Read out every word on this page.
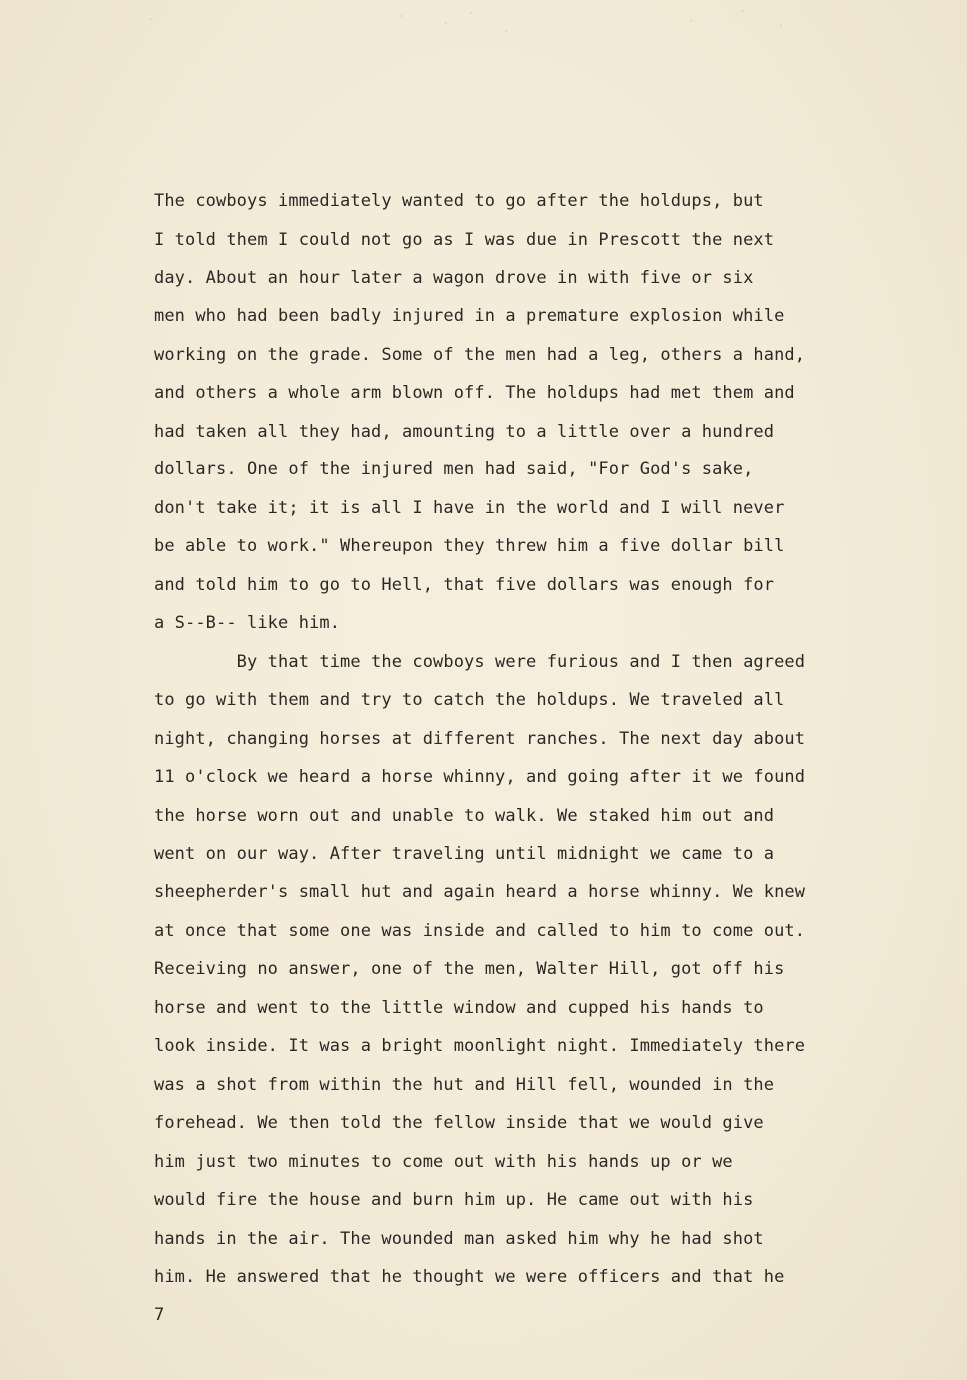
The cowboys immediately wanted to go after the holdups, but
I told them I could not go as I was due in Prescott the next
day. About an hour later a wagon drove in with five or six
men who had been badly injured in a premature explosion while
working on the grade. Some of the men had a leg, others a hand,
and others a whole arm blown off. The holdups had met them and
had taken all they had, amounting to a little over a hundred
dollars. One of the injured men had said, "For God's sake,
don't take it; it is all I have in the world and I will never
be able to work." Whereupon they threw him a five dollar bill
and told him to go to Hell, that five dollars was enough for
a S--B-- like him.
By that time the cowboys were furious and I then agreed
to go with them and try to catch the holdups. We traveled all
night, changing horses at different ranches. The next day about
11 o'clock we heard a horse whinny, and going after it we found
the horse worn out and unable to walk. We staked him out and
went on our way. After traveling until midnight we came to a
sheepherder's small hut and again heard a horse whinny. We knew
at once that some one was inside and called to him to come out.
Receiving no answer, one of the men, Walter Hill, got off his
horse and went to the little window and cupped his hands to
look inside. It was a bright moonlight night. Immediately there
was a shot from within the hut and Hill fell, wounded in the
forehead. We then told the fellow inside that we would give
him just two minutes to come out with his hands up or we
would fire the house and burn him up. He came out with his
hands in the air. The wounded man asked him why he had shot
him. He answered that he thought we were officers and that he
7
